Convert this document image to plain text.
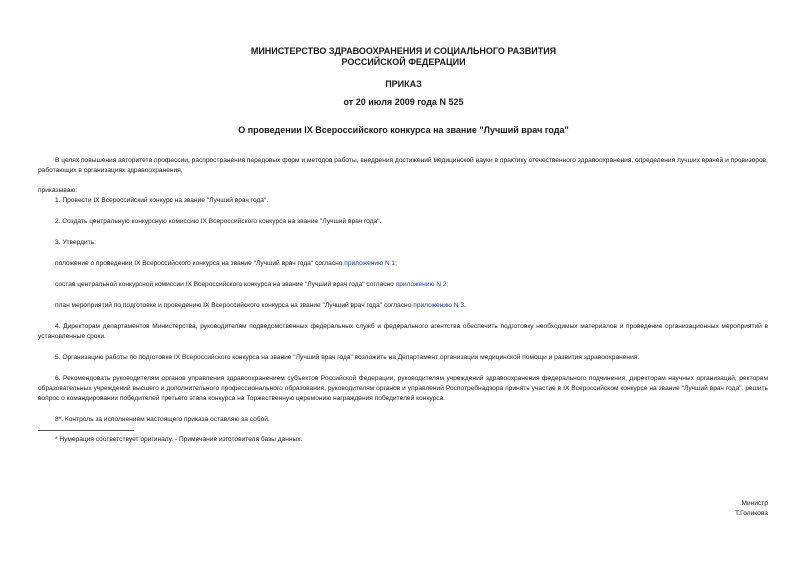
МИНИСТЕРСТВО ЗДРАВООХРАНЕНИЯ И СОЦИАЛЬНОГО РАЗВИТИЯ
РОССИЙСКОЙ ФЕДЕРАЦИИ
ПРИКАЗ
от 20 июля 2009 года N 525
О проведении IX Всероссийского конкурса на звание "Лучший врач года"
В целях повышения авторитета профессии, распространения передовых форм и методов работы, внедрения достижений медицинской науки в практику отечественного здравоохранения, определения лучших врачей и провизоров, работающих в организациях здравоохранения,
приказываю:
1. Провести IX Всероссийский конкурс на звание "Лучший врач года".
2. Создать центральную конкурсную комиссию IX Всероссийского конкурса на звание "Лучший врач года".
3. Утвердить:
положение о проведении IX Всероссийского конкурса на звание "Лучший врач года" согласно приложению N 1;
состав центральной конкурсной комиссии IX Всероссийского конкурса на звание "Лучший врач года" согласно приложению N 2;
план мероприятий по подготовке и проведению IX Всероссийского конкурса на звание "Лучший врач года" согласно приложению N 3.
4. Директорам департаментов Министерства, руководителям подведомственных федеральных служб и федерального агентства обеспечить подготовку необходимых материалов и проведение организационных мероприятий в установленные сроки.
5. Организацию работы по подготовке IX Всероссийского конкурса на звание "Лучший врач года" возложить на Департамент организации медицинской помощи и развития здравоохранения.
6. Рекомендовать руководителям органов управления здравоохранением субъектов Российской Федерации, руководителям учреждений здравоохранения федерального подчинения, директорам научных организаций, ректорам образовательных учреждений высшего и дополнительного профессионального образования, руководителям органов и управлений Роспотребнадзора принять участие в IX Всероссийском конкурсе на звание "Лучший врач года", решить вопрос о командировании победителей третьего этапа конкурса на Торжественную церемонию награждения победителей конкурса.
8*. Контроль за исполнением настоящего приказа оставляю за собой.
* Нумерация соответствует оригиналу. - Примечание изготовителя базы данных.
Министр
Т.Голикова
